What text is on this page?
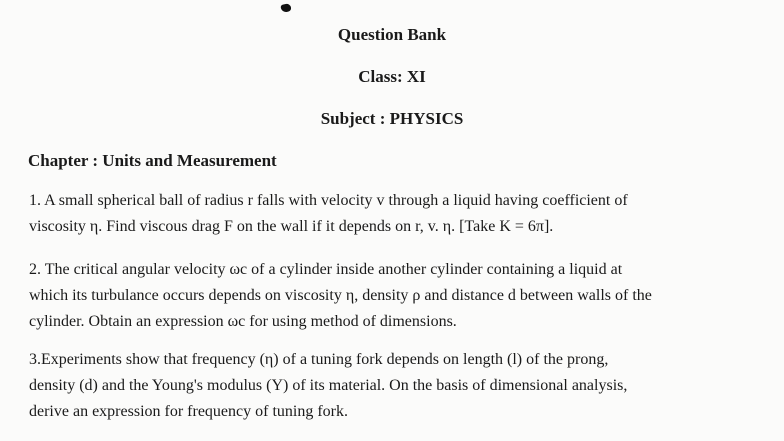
Question Bank
Class: XI
Subject : PHYSICS
Chapter : Units and Measurement
1. A small spherical ball of radius r falls with velocity v through a liquid having coefficient of
viscosity η. Find viscous drag F on the wall if it depends on r, v. η. [Take K = 6π].
2. The critical angular velocity ωc of a cylinder inside another cylinder containing a liquid at
which its turbulance occurs depends on viscosity η, density ρ and distance d between walls of the
cylinder. Obtain an expression ωc for using method of dimensions.
3.Experiments show that frequency (η) of a tuning fork depends on length (l) of the prong,
density (d) and the Young's modulus (Y) of its material. On the basis of dimensional analysis,
derive an expression for frequency of tuning fork.
